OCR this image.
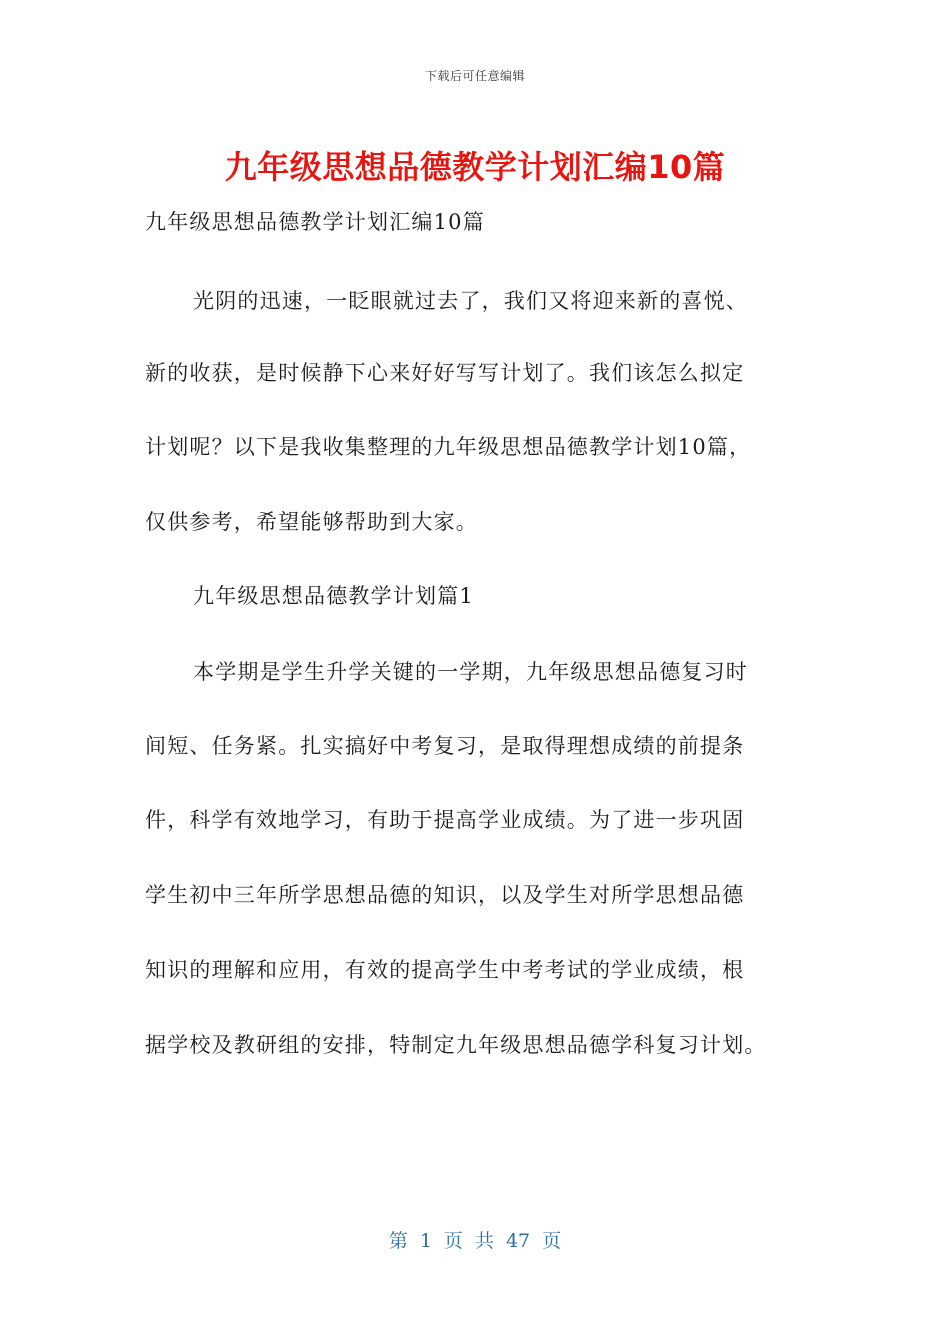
下载后可任意编辑
九年级思想品德教学计划汇编10篇
九年级思想品德教学计划汇编10篇
光阴的迅速，一眨眼就过去了，我们又将迎来新的喜悦、
新的收获，是时候静下心来好好写写计划了。我们该怎么拟定
计划呢？以下是我收集整理的九年级思想品德教学计划10篇，
仅供参考，希望能够帮助到大家。
九年级思想品德教学计划篇1
本学期是学生升学关键的一学期，九年级思想品德复习时
间短、任务紧。扎实搞好中考复习，是取得理想成绩的前提条
件，科学有效地学习，有助于提高学业成绩。为了进一步巩固
学生初中三年所学思想品德的知识，以及学生对所学思想品德
知识的理解和应用，有效的提高学生中考考试的学业成绩，根
据学校及教研组的安排，特制定九年级思想品德学科复习计划。
第 1 页 共 47 页
